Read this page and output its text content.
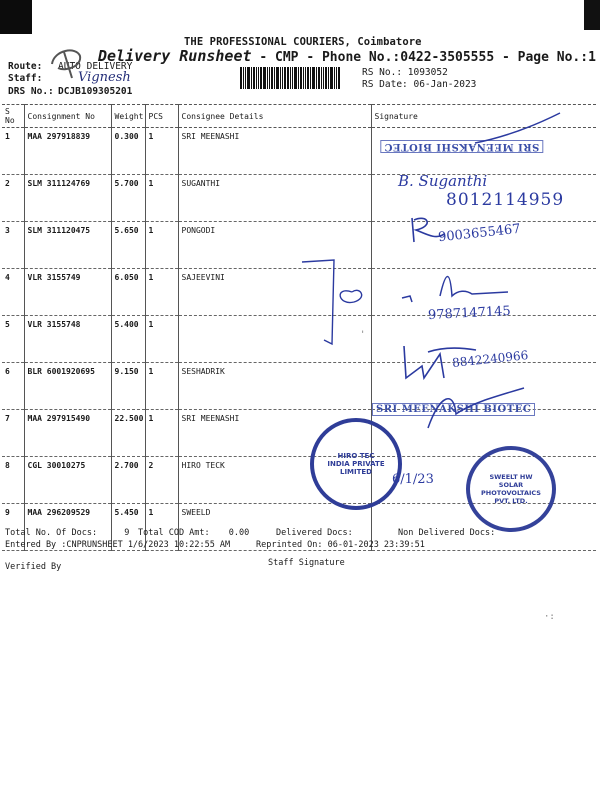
THE PROFESSIONAL COURIERS, Coimbatore
Delivery Runsheet - CMP - Phone No.:0422-3505555 - Page No.:1
Route: AUTO DELIVERY
Staff:	Vignesh
DRS No.: DCJB109305201
RS No.: 1093052
RS Date: 06-Jan-2023
S No	Consignment No	Weight	PCS	Consignee Details	Signature
1	MAA 297918839	0.300	1	SRI MEENASHI	
2	SLM 311124769	5.700	1	SUGANTHI	
3	SLM 311120475	5.650	1	PONGODI	
4	VLR 3155749	6.050	1	SAJEEVINI	
5	VLR 3155748	5.400	1		
6	BLR 6001920695	9.150	1	SESHADRIK	
7	MAA 297915490	22.500	1	SRI MEENASHI	
8	CGL 30010275	2.700	2	HIRO TECK	
9	MAA 296209529	5.450	1	SWEELD	
SRI MEENAKSHI BIOTEC
B. Suganthi
8012114959
9003655467
9787147145
8842240966
SRI MEENAKSHI BIOTEC
HIRO TEC INDIA PRIVATE LIMITED	6/1/23	SWEELT HW SOLAR PHOTOVOLTAICS PVT. LTD.
Total No. Of Docs:	9 Total COD Amt: 0.00	Delivered Docs:	Non Delivered Docs:
Entered By :CNPRUNSHEET 1/6/2023 10:22:55 AM	Reprinted On: 06-01-2023 23:39:51
Verified By	Staff Signature
·:
'
